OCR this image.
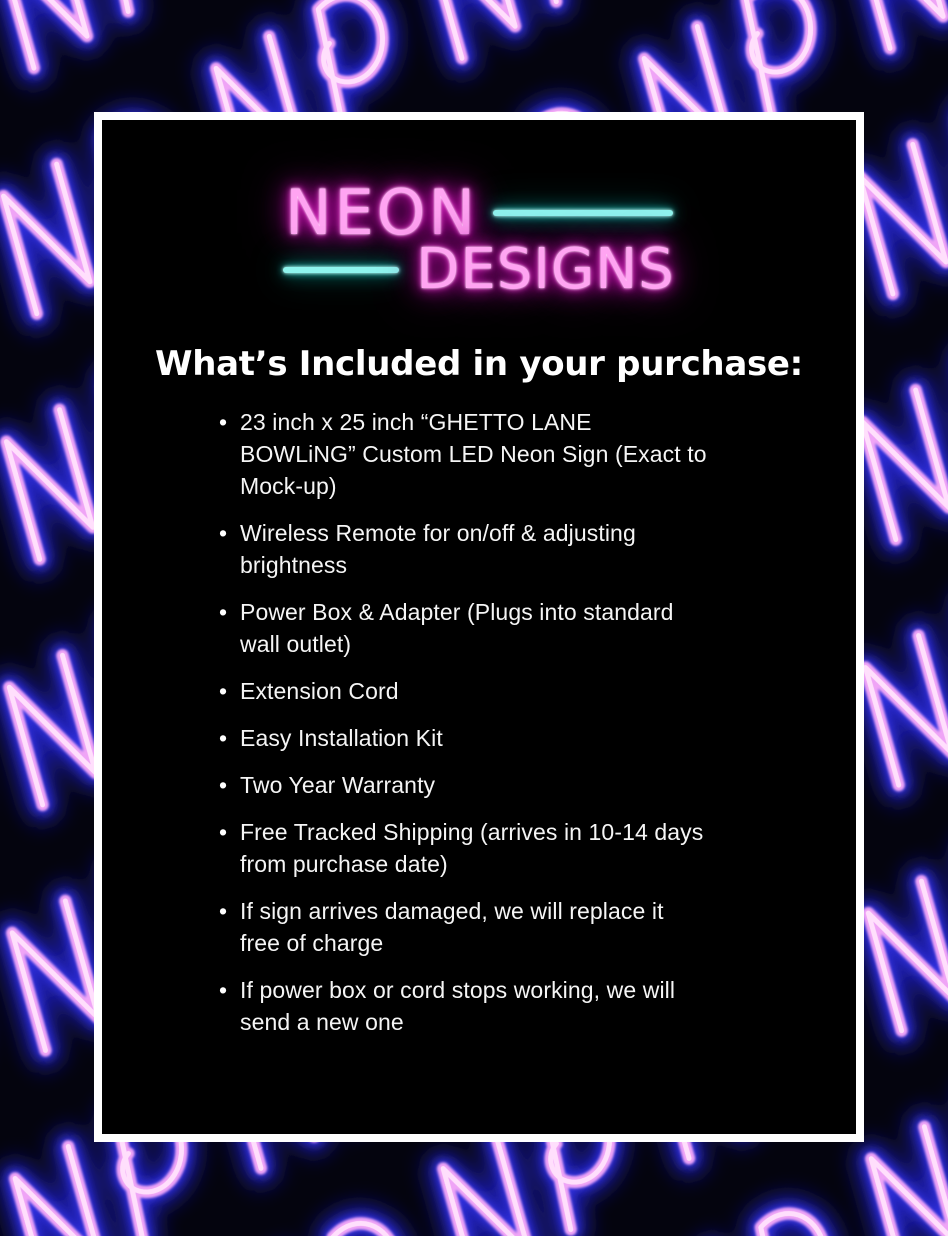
NEON
DESIGNS
What’s Included in your purchase:
• 23 inch x 25 inch “GHETTO LANE BOWLiNG” Custom LED Neon Sign (Exact to Mock-up)
• Wireless Remote for on/off & adjusting brightness
• Power Box & Adapter (Plugs into standard wall outlet)
• Extension Cord
• Easy Installation Kit
• Two Year Warranty
• Free Tracked Shipping (arrives in 10-14 days from purchase date)
• If sign arrives damaged, we will replace it free of charge
• If power box or cord stops working, we will send a new one
